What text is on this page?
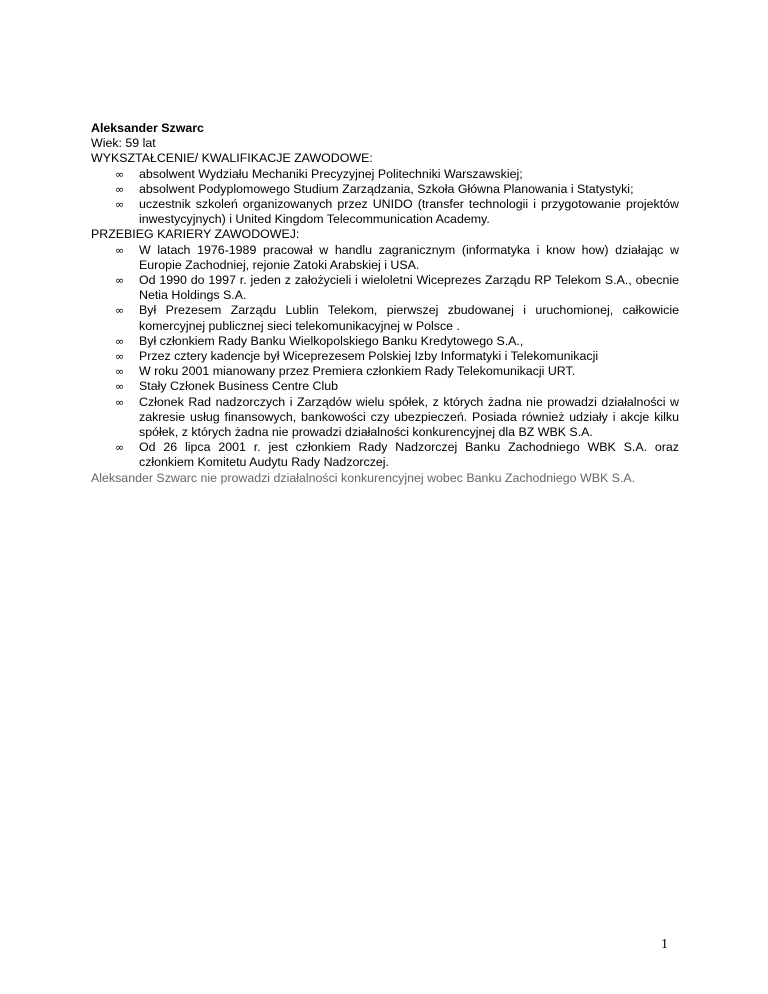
Aleksander Szwarc

Wiek: 59 lat

WYKSZTAŁCENIE/ KWALIFIKACJE ZAWODOWE:

∞ absolwent Wydziału Mechaniki Precyzyjnej Politechniki Warszawskiej;
∞ absolwent Podyplomowego Studium Zarządzania, Szkoła Główna Planowania i Statystyki;
∞ uczestnik szkoleń organizowanych przez UNIDO (transfer technologii i przygotowanie projektów inwestycyjnych) i United Kingdom Telecommunication Academy.

PRZEBIEG KARIERY ZAWODOWEJ:

∞ W latach 1976-1989 pracował w handlu zagranicznym (informatyka i know how) działając w Europie Zachodniej, rejonie Zatoki Arabskiej i USA.
∞ Od 1990 do 1997 r. jeden z założycieli i wieloletni Wiceprezes Zarządu RP Telekom S.A., obecnie Netia Holdings S.A.
∞ Był Prezesem Zarządu Lublin Telekom, pierwszej zbudowanej i uruchomionej, całkowicie komercyjnej publicznej sieci telekomunikacyjnej w Polsce .
∞ Był członkiem Rady Banku Wielkopolskiego Banku Kredytowego S.A.,
∞ Przez cztery kadencje był Wiceprezesem Polskiej Izby Informatyki i Telekomunikacji
∞ W roku 2001 mianowany przez Premiera członkiem Rady Telekomunikacji URT.
∞ Stały Członek Business Centre Club
∞ Członek Rad nadzorczych i Zarządów wielu spółek, z których żadna nie prowadzi działalności w zakresie usług finansowych, bankowości czy ubezpieczeń. Posiada również udziały i akcje kilku spółek, z których żadna nie prowadzi działalności konkurencyjnej dla BZ WBK S.A.
∞ Od 26 lipca 2001 r. jest członkiem Rady Nadzorczej Banku Zachodniego WBK S.A. oraz członkiem Komitetu Audytu Rady Nadzorczej.

Aleksander Szwarc nie prowadzi działalności konkurencyjnej wobec Banku Zachodniego WBK S.A.

1
